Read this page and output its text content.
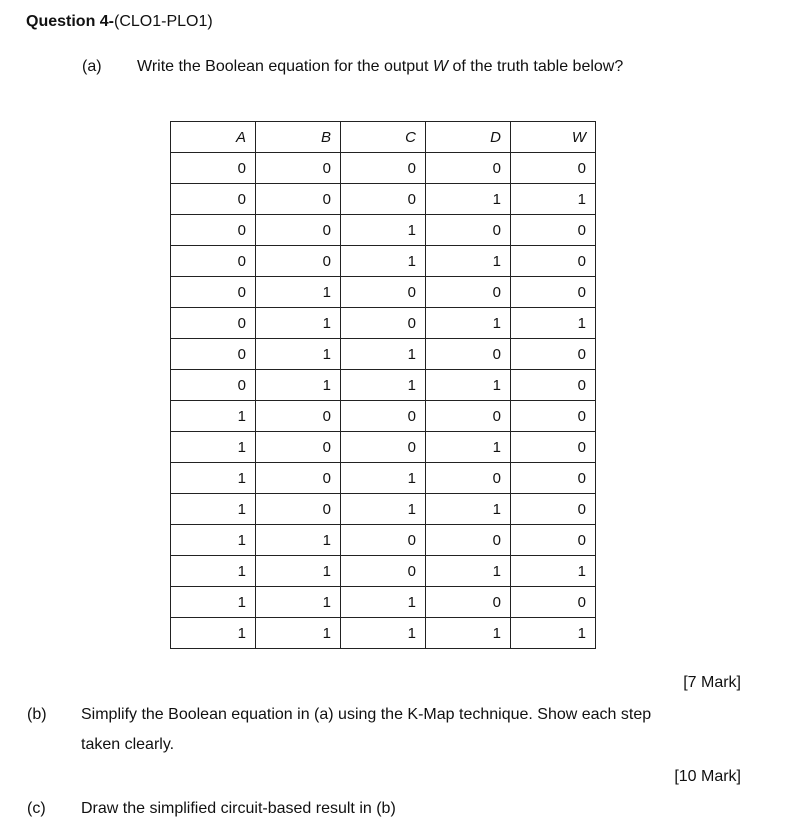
Question 4-(CLO1-PLO1)
(a) Write the Boolean equation for the output W of the truth table below?
A	B	C	D	W
0	0	0	0	0
0	0	0	1	1
0	0	1	0	0
0	0	1	1	0
0	1	0	0	0
0	1	0	1	1
0	1	1	0	0
0	1	1	1	0
1	0	0	0	0
1	0	0	1	0
1	0	1	0	0
1	0	1	1	0
1	1	0	0	0
1	1	0	1	1
1	1	1	0	0
1	1	1	1	1
[7 Mark]
(b) Simplify the Boolean equation in (a) using the K-Map technique. Show each step
taken clearly.
[10 Mark]
(c) Draw the simplified circuit-based result in (b)
